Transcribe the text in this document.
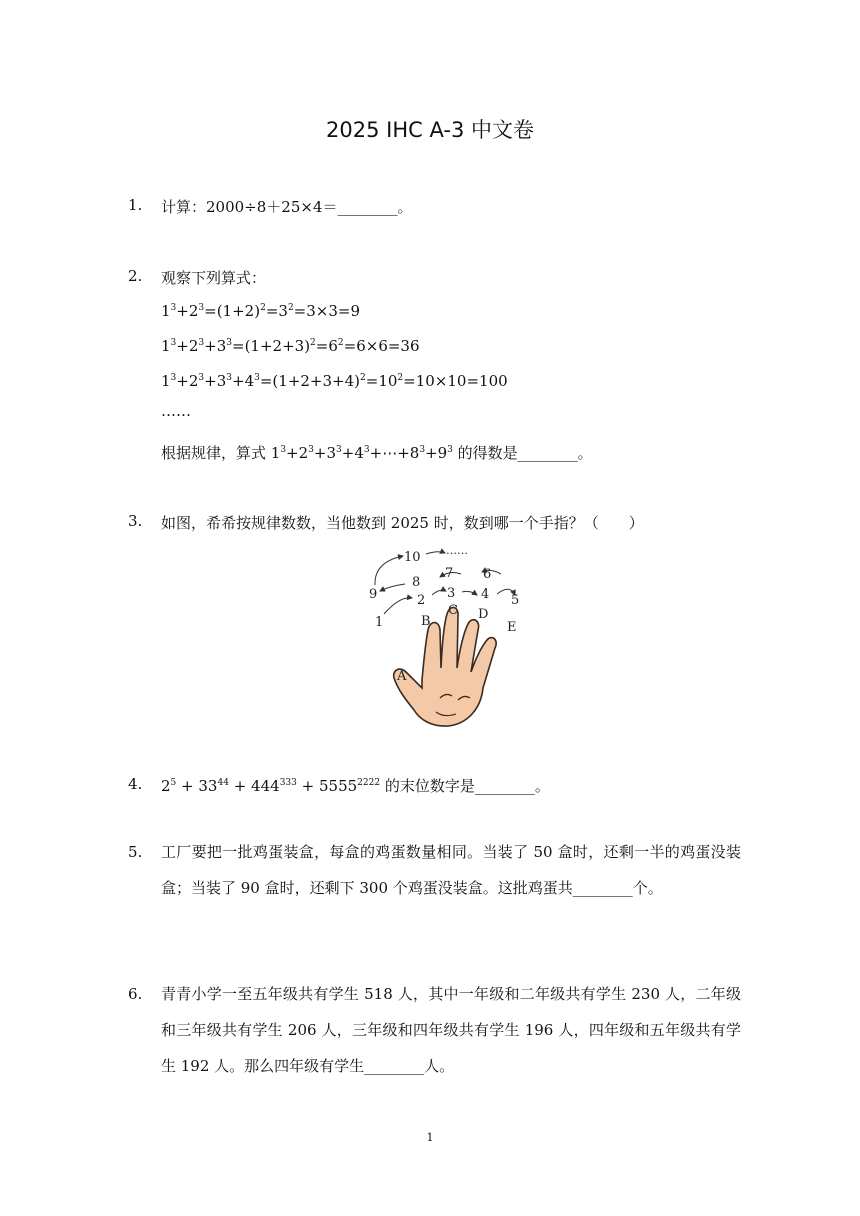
2025 IHC A-3 中文卷
1. 计算：2000÷8＋25×4＝________。
2. 观察下列算式：
$1^3+2^3=(1+2)^2=3^2=3\times 3=9$
$1^3+2^3+3^3=(1+2+3)^2=6^2=6\times 6=36$
$1^3+2^3+3^3+4^3=(1+2+3+4)^2=10^2=10\times 10=100$
……
根据规律，算式 $1^3+2^3+3^3+4^3+\cdots+8^3+9^3$ 的得数是________。
3. 如图，希希按规律数数，当他数到 2025 时，数到哪一个手指？（　　）
1
2 3 4 5
6
7
8
9
10 ……
A
B
C D
E
4. $2^5 + 33^{44} + 444^{333} + 5555^{2222}$ 的末位数字是________。
5. 工厂要把一批鸡蛋装盒，每盒的鸡蛋数量相同。当装了 50 盒时，还剩一半的鸡蛋没装盒；当装了 90 盒时，还剩下 300 个鸡蛋没装盒。这批鸡蛋共________个。
6. 青青小学一至五年级共有学生 518 人，其中一年级和二年级共有学生 230 人，二年级和三年级共有学生 206 人，三年级和四年级共有学生 196 人，四年级和五年级共有学生 192 人。那么四年级有学生________人。
1
